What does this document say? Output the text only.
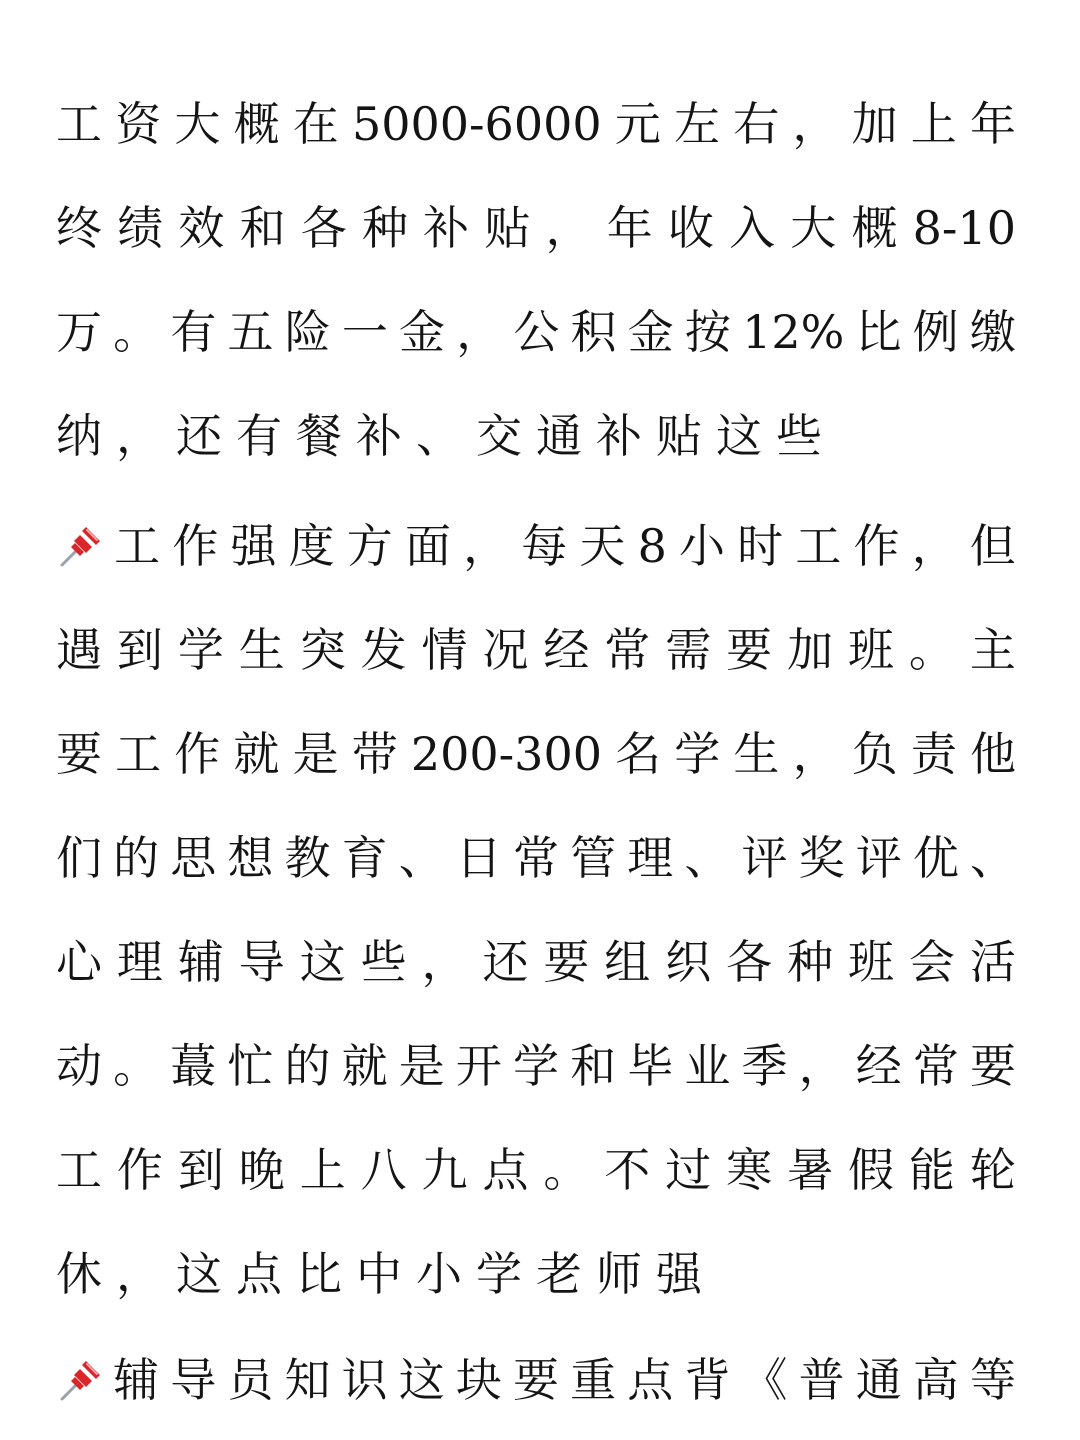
工 资 大 概 在 5000-6000 元 左 右 ， 加 上 年
终 绩 效 和 各 种 补 贴 ， 年 收 入 大 概 8-10
万 。 有 五 险 一 金 ， 公 积 金 按 12% 比 例 缴
纳 ， 还 有 餐 补 、 交 通 补 贴 这 些
工 作 强 度 方 面 ， 每 天 8 小 时 工 作 ， 但
遇 到 学 生 突 发 情 况 经 常 需 要 加 班 。 主
要 工 作 就 是 带 200-300 名 学 生 ， 负 责 他
们 的 思 想 教 育 、 日 常 管 理 、 评 奖 评 优 、
心 理 辅 导 这 些 ， 还 要 组 织 各 种 班 会 活
动 。 蕞 忙 的 就 是 开 学 和 毕 业 季 ， 经 常 要
工 作 到 晚 上 八 九 点 。 不 过 寒 暑 假 能 轮
休 ， 这 点 比 中 小 学 老 师 强
辅 导 员 知 识 这 块 要 重 点 背 《 普 通 高 等
